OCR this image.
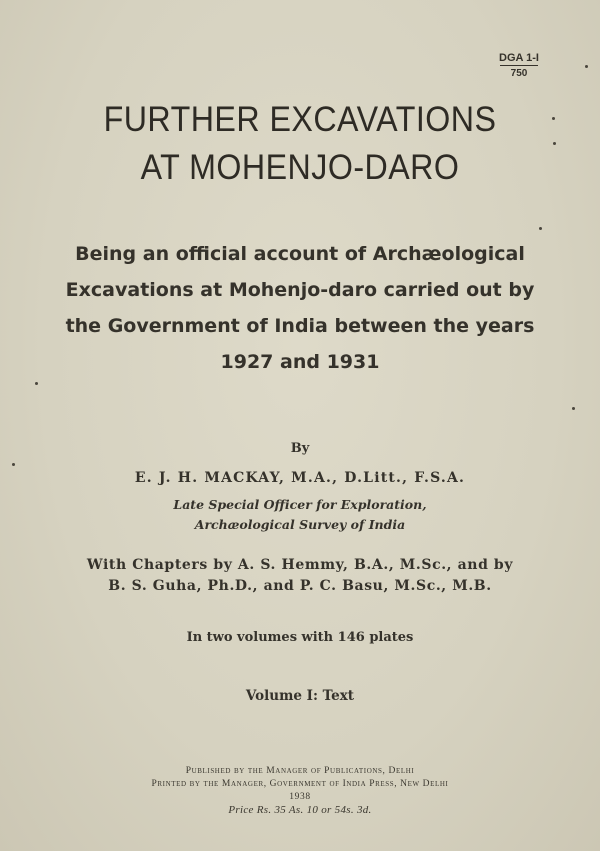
DGA 1-I
750
FURTHER EXCAVATIONS
AT MOHENJO-DARO
Being an official account of Archæological
Excavations at Mohenjo-daro carried out by
the Government of India between the years
1927 and 1931
By
E. J. H. MACKAY, M.A., D.Litt., F.S.A.
Late Special Officer for Exploration,
Archæological Survey of India
With Chapters by A. S. Hemmy, B.A., M.Sc., and by
B. S. Guha, Ph.D., and P. C. Basu, M.Sc., M.B.
In two volumes with 146 plates
Volume I: Text
Published by the Manager of Publications, Delhi
Printed by the Manager, Government of India Press, New Delhi
1938
Price Rs. 35 As. 10 or 54s. 3d.
